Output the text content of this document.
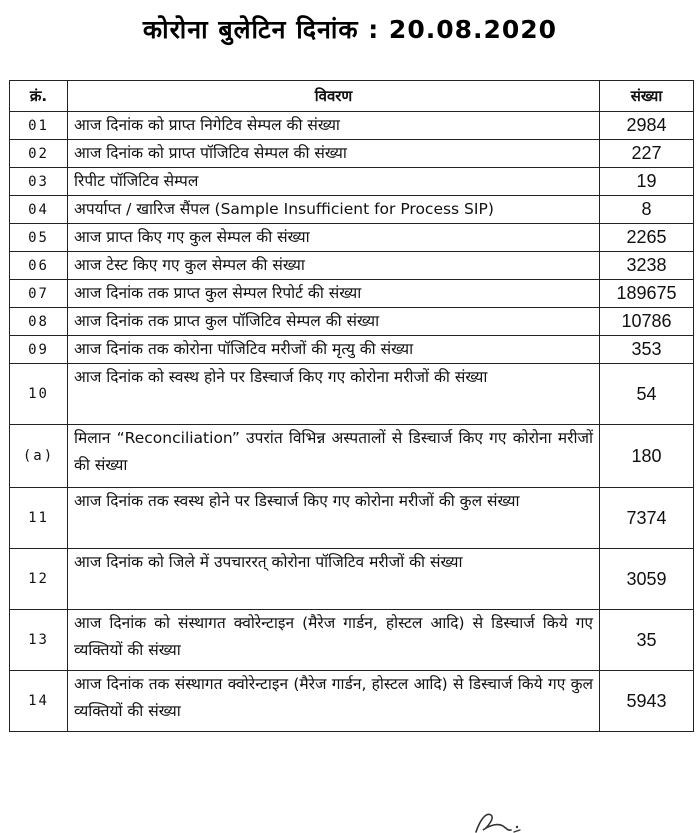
कोरोना बुलेटिन दिनांक : 20.08.2020
क्रं.	विवरण	संख्या
01	आज दिनांक को प्राप्त निगेटिव सेम्पल की संख्या	2984
02	आज दिनांक को प्राप्त पॉजिटिव सेम्पल की संख्या	227
03	रिपीट पॉजिटिव सेम्पल	19
04	अपर्याप्त / खारिज सैंपल (Sample Insufficient for Process SIP)	8
05	आज प्राप्त किए गए कुल सेम्पल की संख्या	2265
06	आज टेस्ट किए गए कुल सेम्पल की संख्या	3238
07	आज दिनांक तक प्राप्त कुल सेम्पल रिपोर्ट की संख्या	189675
08	आज दिनांक तक प्राप्त कुल पॉजिटिव सेम्पल की संख्या	10786
09	आज दिनांक तक कोरोना पॉजिटिव मरीजों की मृत्यु की संख्या	353
10	आज दिनांक को स्वस्थ होने पर डिस्चार्ज किए गए कोरोना मरीजों की संख्या	54
(a)	मिलान “Reconciliation” उपरांत विभिन्न अस्पतालों से डिस्चार्ज किए गए कोरोना मरीजों की संख्या	180
11	आज दिनांक तक स्वस्थ होने पर डिस्चार्ज किए गए कोरोना मरीजों की कुल संख्या	7374
12	आज दिनांक को जिले में उपचाररत् कोरोना पॉजिटिव मरीजों की संख्या	3059
13	आज दिनांक को संस्थागत क्वोरेन्टाइन (मैरेज गार्डन, होस्टल आदि) से डिस्चार्ज किये गए व्यक्तियों की संख्या	35
14	आज दिनांक तक संस्थागत क्वोरेन्टाइन (मैरेज गार्डन, होस्टल आदि) से डिस्चार्ज किये गए कुल व्यक्तियों की संख्या	5943
